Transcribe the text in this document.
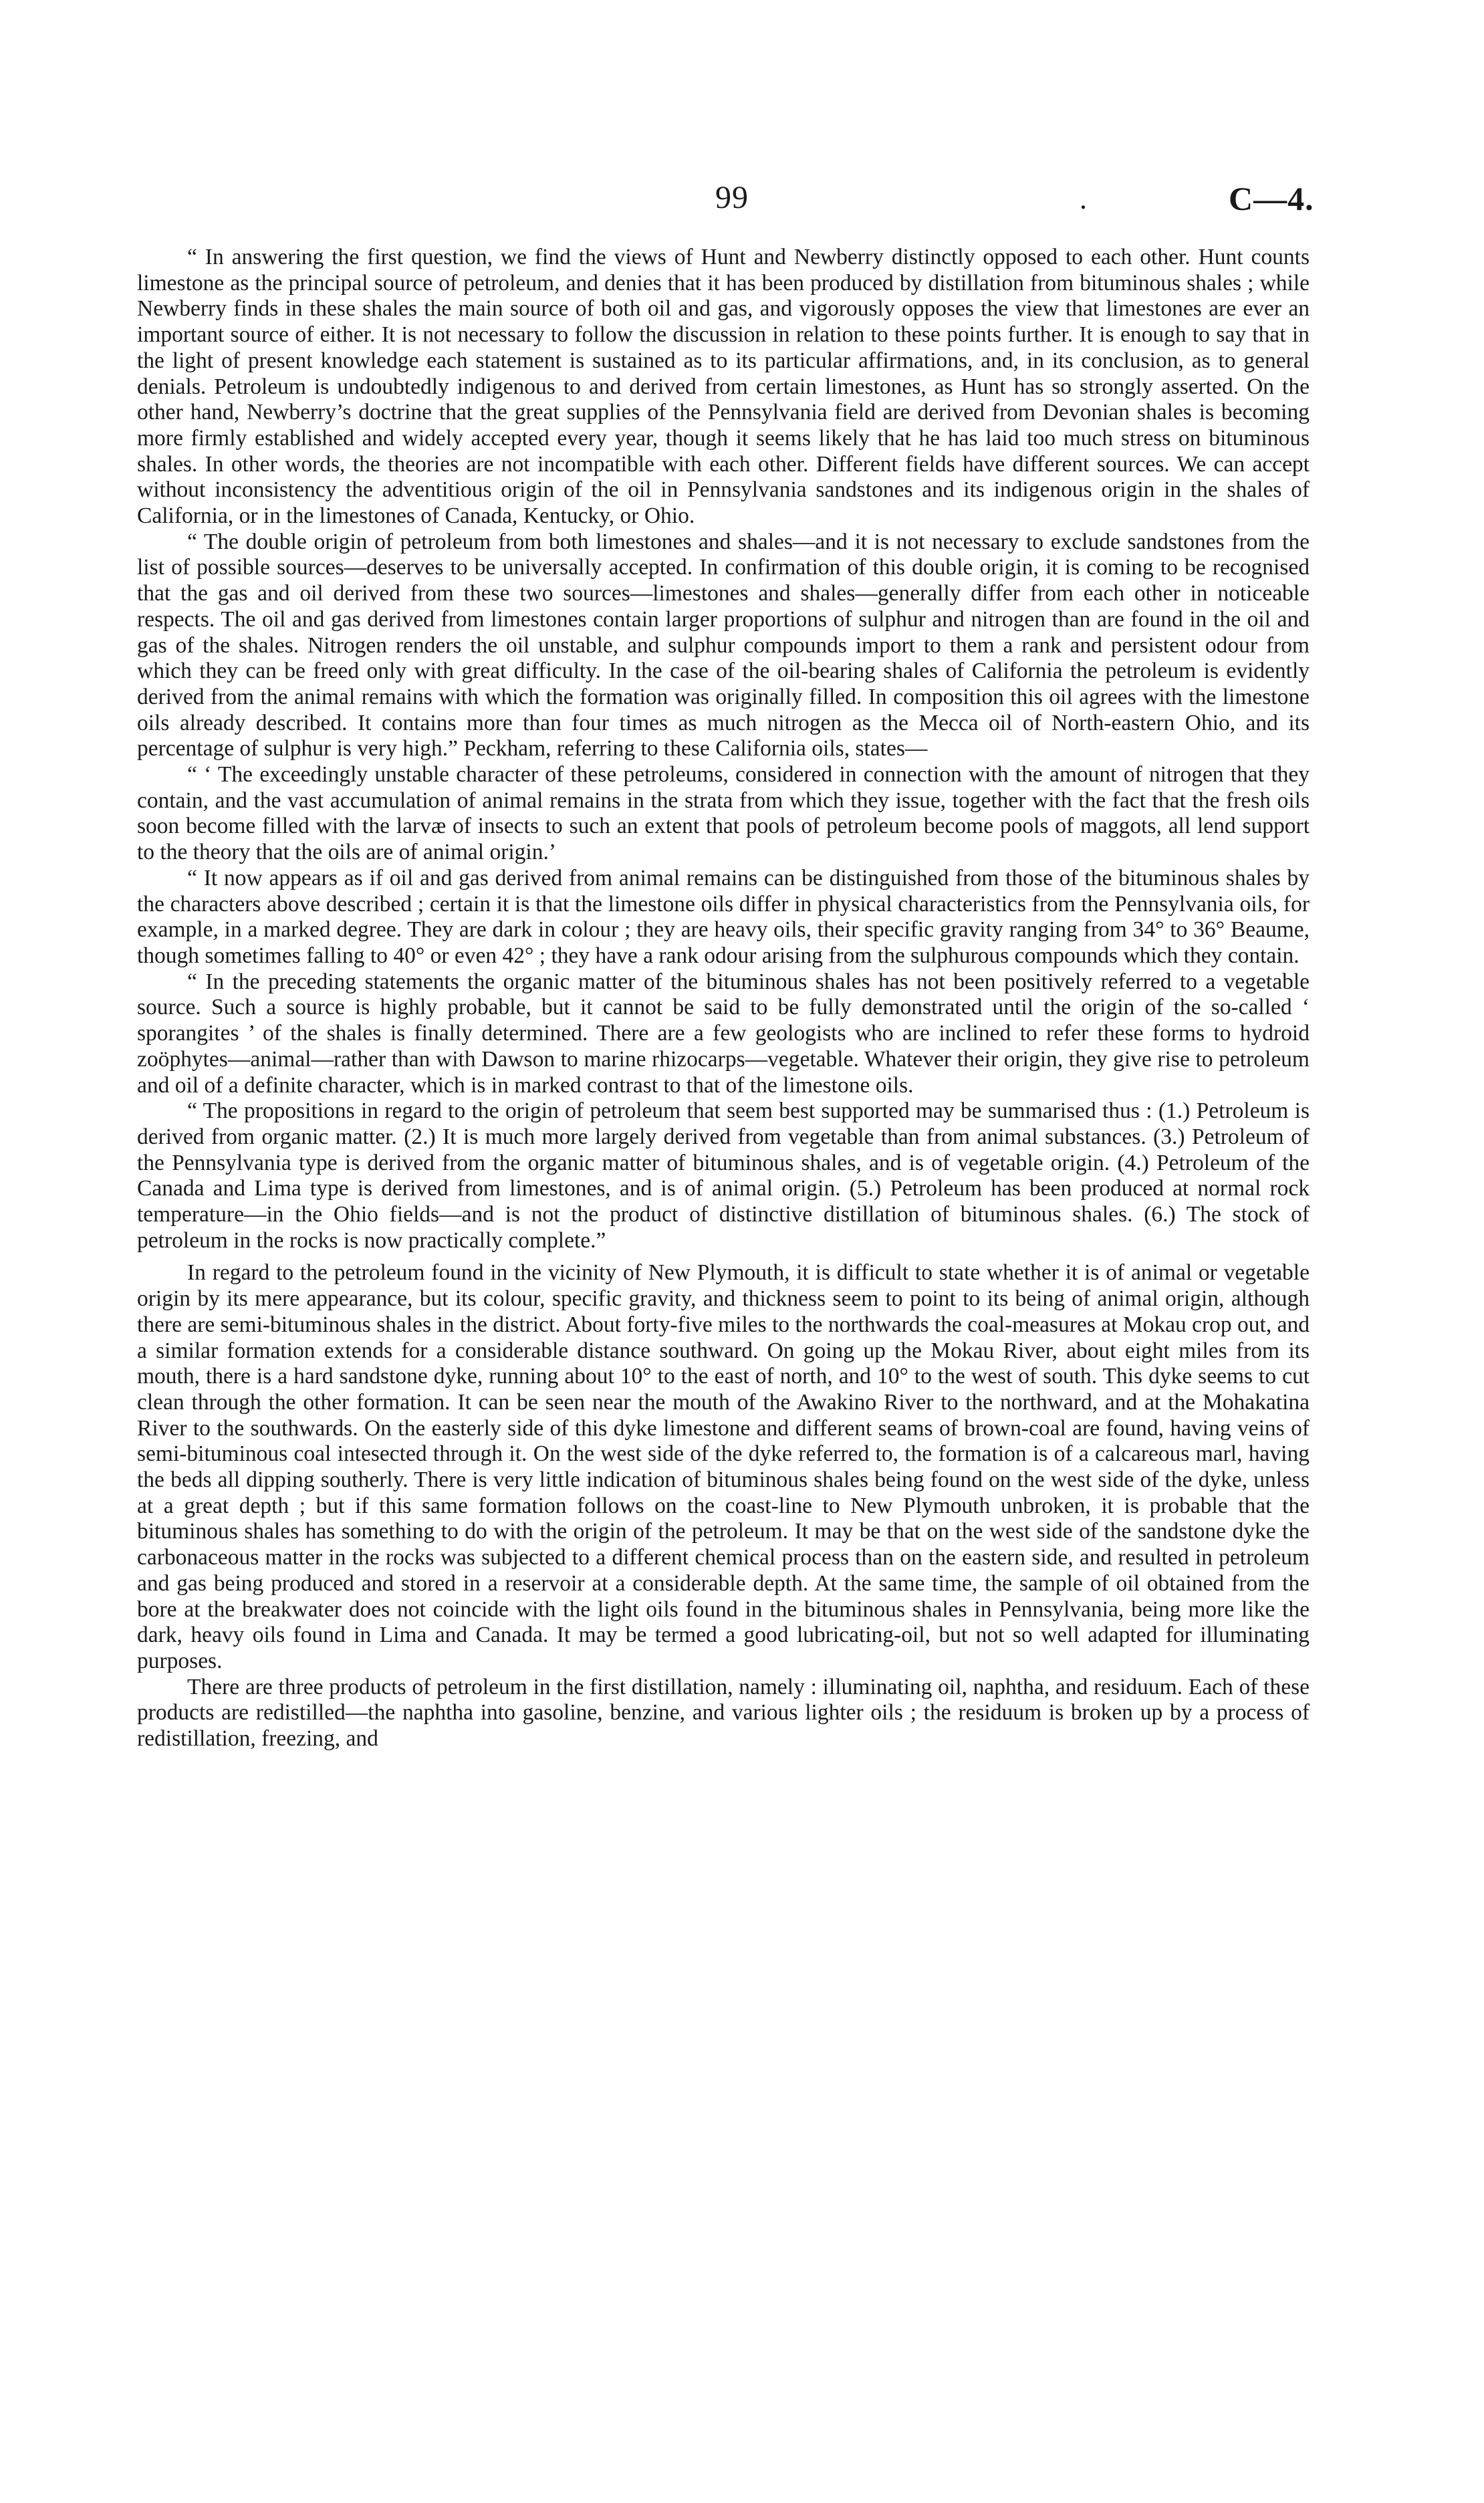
99	.	C—4.

“ In answering the first question, we find the views of Hunt and Newberry distinctly opposed to each other. Hunt counts limestone as the principal source of petroleum, and denies that it has been produced by distillation from bituminous shales ; while Newberry finds in these shales the main source of both oil and gas, and vigorously opposes the view that limestones are ever an important source of either. It is not necessary to follow the discussion in relation to these points further. It is enough to say that in the light of present knowledge each statement is sustained as to its particular affirmations, and, in its conclusion, as to general denials. Petroleum is undoubtedly indigenous to and derived from certain limestones, as Hunt has so strongly asserted. On the other hand, Newberry’s doctrine that the great supplies of the Pennsylvania field are derived from Devonian shales is becoming more firmly established and widely accepted every year, though it seems likely that he has laid too much stress on bituminous shales. In other words, the theories are not incompatible with each other. Different fields have different sources. We can accept without inconsistency the adventitious origin of the oil in Pennsylvania sandstones and its indigenous origin in the shales of California, or in the limestones of Canada, Kentucky, or Ohio.

“ The double origin of petroleum from both limestones and shales—and it is not necessary to exclude sandstones from the list of possible sources—deserves to be universally accepted. In confirmation of this double origin, it is coming to be recognised that the gas and oil derived from these two sources—limestones and shales—generally differ from each other in noticeable respects. The oil and gas derived from limestones contain larger proportions of sulphur and nitrogen than are found in the oil and gas of the shales. Nitrogen renders the oil unstable, and sulphur compounds import to them a rank and persistent odour from which they can be freed only with great difficulty. In the case of the oil-bearing shales of California the petroleum is evidently derived from the animal remains with which the formation was originally filled. In composition this oil agrees with the limestone oils already described. It contains more than four times as much nitrogen as the Mecca oil of North-eastern Ohio, and its percentage of sulphur is very high.” Peckham, referring to these California oils, states—

“ ‘ The exceedingly unstable character of these petroleums, considered in connection with the amount of nitrogen that they contain, and the vast accumulation of animal remains in the strata from which they issue, together with the fact that the fresh oils soon become filled with the larvæ of insects to such an extent that pools of petroleum become pools of maggots, all lend support to the theory that the oils are of animal origin.’

“ It now appears as if oil and gas derived from animal remains can be distinguished from those of the bituminous shales by the characters above described ; certain it is that the limestone oils differ in physical characteristics from the Pennsylvania oils, for example, in a marked degree. They are dark in colour ; they are heavy oils, their specific gravity ranging from 34° to 36° Beaume, though sometimes falling to 40° or even 42° ; they have a rank odour arising from the sulphurous compounds which they contain.

“ In the preceding statements the organic matter of the bituminous shales has not been positively referred to a vegetable source. Such a source is highly probable, but it cannot be said to be fully demonstrated until the origin of the so-called ‘ sporangites ’ of the shales is finally determined. There are a few geologists who are inclined to refer these forms to hydroid zoöphytes—animal—rather than with Dawson to marine rhizocarps—vegetable. Whatever their origin, they give rise to petroleum and oil of a definite character, which is in marked contrast to that of the limestone oils.

“ The propositions in regard to the origin of petroleum that seem best supported may be summarised thus : (1.) Petroleum is derived from organic matter. (2.) It is much more largely derived from vegetable than from animal substances. (3.) Petroleum of the Pennsylvania type is derived from the organic matter of bituminous shales, and is of vegetable origin. (4.) Petroleum of the Canada and Lima type is derived from limestones, and is of animal origin. (5.) Petroleum has been produced at normal rock temperature—in the Ohio fields—and is not the product of distinctive distillation of bituminous shales. (6.) The stock of petroleum in the rocks is now practically complete.”

In regard to the petroleum found in the vicinity of New Plymouth, it is difficult to state whether it is of animal or vegetable origin by its mere appearance, but its colour, specific gravity, and thickness seem to point to its being of animal origin, although there are semi-bituminous shales in the district. About forty-five miles to the northwards the coal-measures at Mokau crop out, and a similar formation extends for a considerable distance southward. On going up the Mokau River, about eight miles from its mouth, there is a hard sandstone dyke, running about 10° to the east of north, and 10° to the west of south. This dyke seems to cut clean through the other formation. It can be seen near the mouth of the Awakino River to the northward, and at the Mohakatina River to the southwards. On the easterly side of this dyke limestone and different seams of brown-coal are found, having veins of semi-bituminous coal intesected through it. On the west side of the dyke referred to, the formation is of a calcareous marl, having the beds all dipping southerly. There is very little indication of bituminous shales being found on the west side of the dyke, unless at a great depth ; but if this same formation follows on the coast-line to New Plymouth unbroken, it is probable that the bituminous shales has something to do with the origin of the petroleum. It may be that on the west side of the sandstone dyke the carbonaceous matter in the rocks was subjected to a different chemical process than on the eastern side, and resulted in petroleum and gas being produced and stored in a reservoir at a considerable depth. At the same time, the sample of oil obtained from the bore at the breakwater does not coincide with the light oils found in the bituminous shales in Pennsylvania, being more like the dark, heavy oils found in Lima and Canada. It may be termed a good lubricating-oil, but not so well adapted for illuminating purposes.

There are three products of petroleum in the first distillation, namely : illuminating oil, naphtha, and residuum. Each of these products are redistilled—the naphtha into gasoline, benzine, and various lighter oils ; the residuum is broken up by a process of redistillation, freezing, and
